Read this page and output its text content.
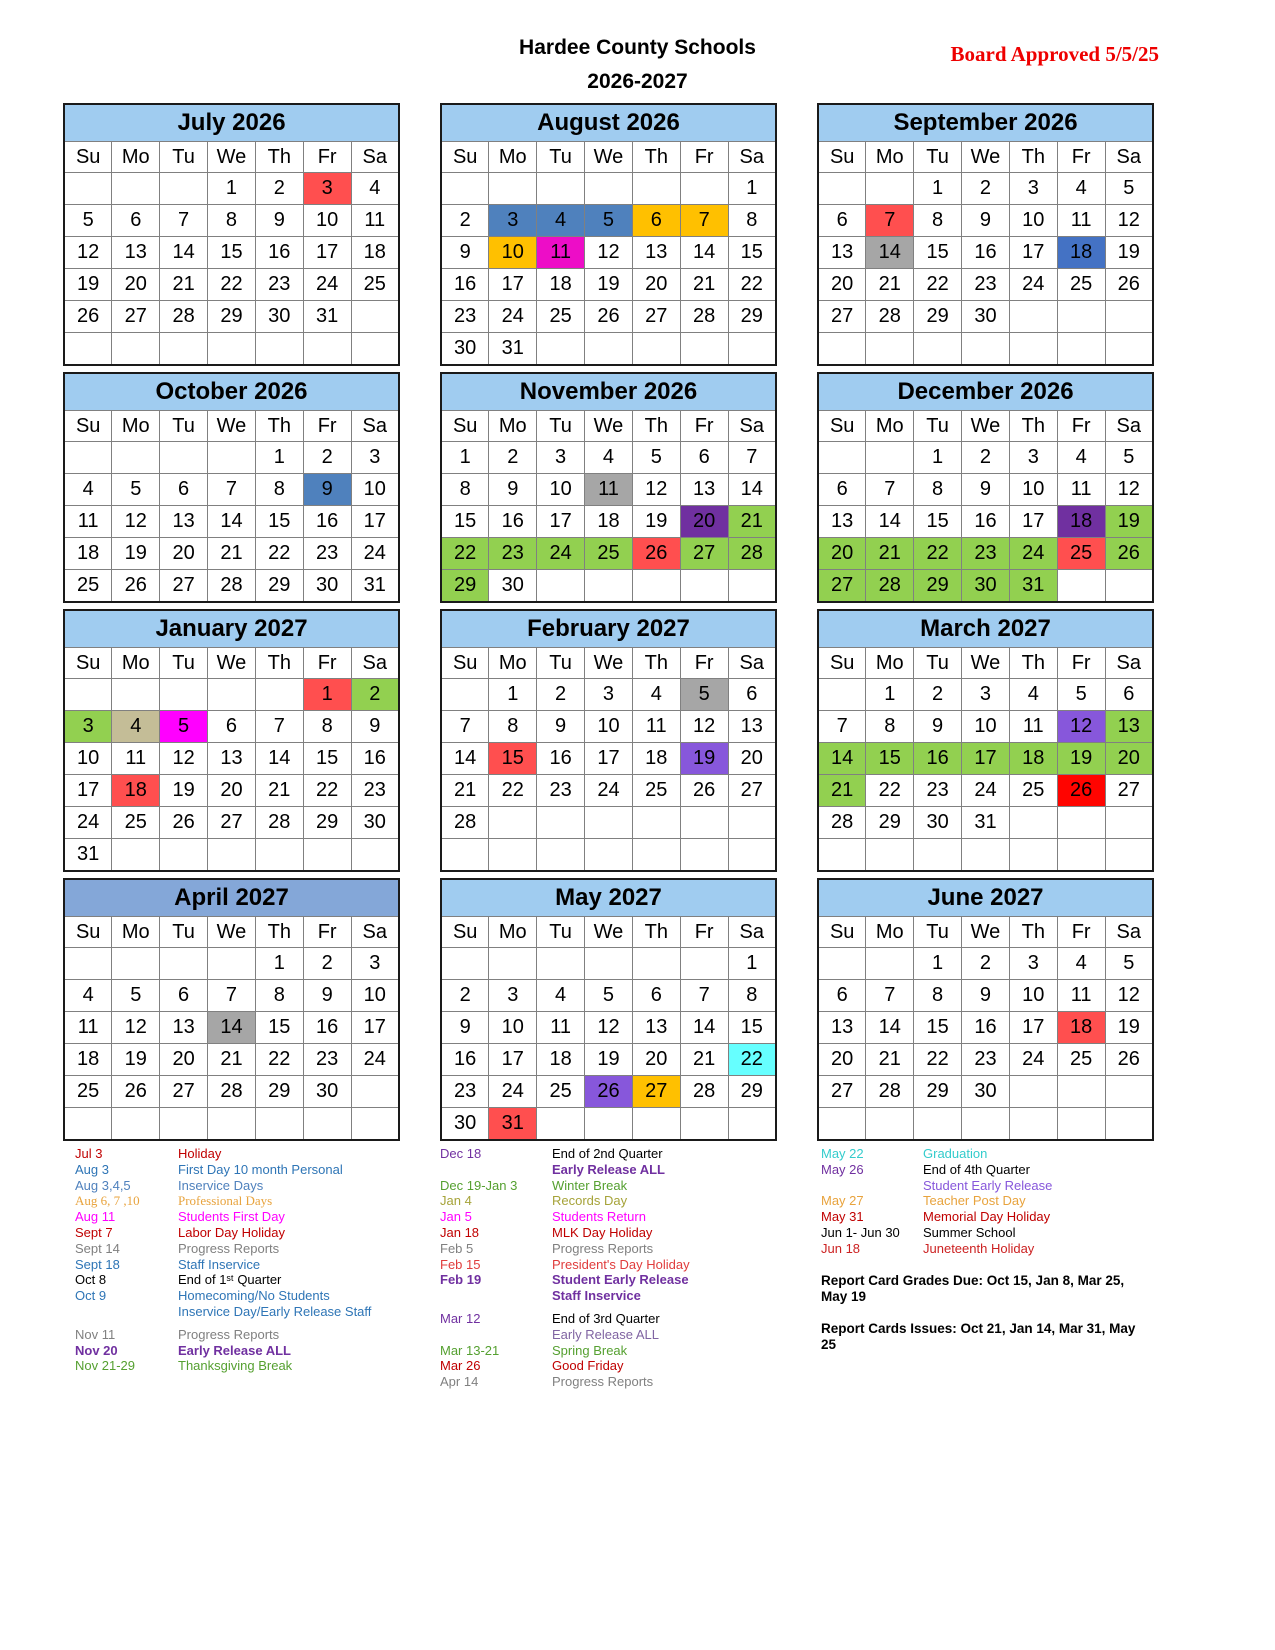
Hardee County Schools
2026-2027
Board Approved 5/5/25
July 2026						
Su	Mo	Tu	We	Th	Fr	Sa
			1	2	3	4
5	6	7	8	9	10	11
12	13	14	15	16	17	18
19	20	21	22	23	24	25
26	27	28	29	30	31	

August 2026						
Su	Mo	Tu	We	Th	Fr	Sa
						1
2	3	4	5	6	7	8
9	10	11	12	13	14	15
16	17	18	19	20	21	22
23	24	25	26	27	28	29
30	31					
September 2026						
Su	Mo	Tu	We	Th	Fr	Sa
		1	2	3	4	5
6	7	8	9	10	11	12
13	14	15	16	17	18	19
20	21	22	23	24	25	26
27	28	29	30			

October 2026						
Su	Mo	Tu	We	Th	Fr	Sa
				1	2	3
4	5	6	7	8	9	10
11	12	13	14	15	16	17
18	19	20	21	22	23	24
25	26	27	28	29	30	31
November 2026						
Su	Mo	Tu	We	Th	Fr	Sa
1	2	3	4	5	6	7
8	9	10	11	12	13	14
15	16	17	18	19	20	21
22	23	24	25	26	27	28
29	30					
December 2026						
Su	Mo	Tu	We	Th	Fr	Sa
		1	2	3	4	5
6	7	8	9	10	11	12
13	14	15	16	17	18	19
20	21	22	23	24	25	26
27	28	29	30	31		
January 2027						
Su	Mo	Tu	We	Th	Fr	Sa
					1	2
3	4	5	6	7	8	9
10	11	12	13	14	15	16
17	18	19	20	21	22	23
24	25	26	27	28	29	30
31						
February 2027						
Su	Mo	Tu	We	Th	Fr	Sa
	1	2	3	4	5	6
7	8	9	10	11	12	13
14	15	16	17	18	19	20
21	22	23	24	25	26	27
28						

March 2027						
Su	Mo	Tu	We	Th	Fr	Sa
	1	2	3	4	5	6
7	8	9	10	11	12	13
14	15	16	17	18	19	20
21	22	23	24	25	26	27
28	29	30	31			

April 2027						
Su	Mo	Tu	We	Th	Fr	Sa
				1	2	3
4	5	6	7	8	9	10
11	12	13	14	15	16	17
18	19	20	21	22	23	24
25	26	27	28	29	30	

May 2027						
Su	Mo	Tu	We	Th	Fr	Sa
						1
2	3	4	5	6	7	8
9	10	11	12	13	14	15
16	17	18	19	20	21	22
23	24	25	26	27	28	29
30	31					
June 2027						
Su	Mo	Tu	We	Th	Fr	Sa
		1	2	3	4	5
6	7	8	9	10	11	12
13	14	15	16	17	18	19
20	21	22	23	24	25	26
27	28	29	30			

Jul 3	Holiday
Aug 3	First Day 10 month Personal
Aug 3,4,5	Inservice Days
Aug 6, 7 ,10	Professional Days
Aug 11	Students First Day
Sept 7	Labor Day Holiday
Sept 14	Progress Reports
Sept 18	Staff Inservice
Oct 8	End of 1ˢᵗ Quarter
Oct 9	Homecoming/No Students
Inservice Day/Early Release Staff
Nov 11	Progress Reports
Nov 20	Early Release ALL
Nov 21-29	Thanksgiving Break
Dec 18	End of 2nd Quarter
Early Release ALL
Dec 19-Jan 3	Winter Break
Jan 4	Records Day
Jan 5	Students Return
Jan 18	MLK Day Holiday
Feb 5	Progress Reports
Feb 15	President's Day Holiday
Feb 19	Student Early Release
Staff Inservice
Mar 12	End of 3rd Quarter
Early Release ALL
Mar 13-21	Spring Break
Mar 26	Good Friday
Apr 14	Progress Reports
May 22	Graduation
May 26	End of 4th Quarter
Student Early Release
May 27	Teacher Post Day
May 31	Memorial Day Holiday
Jun 1- Jun 30	Summer School
Jun 18	Juneteenth Holiday
Report Card Grades Due: Oct 15, Jan 8, Mar 25, May 19
Report Cards Issues: Oct 21, Jan 14, Mar 31, May 25
